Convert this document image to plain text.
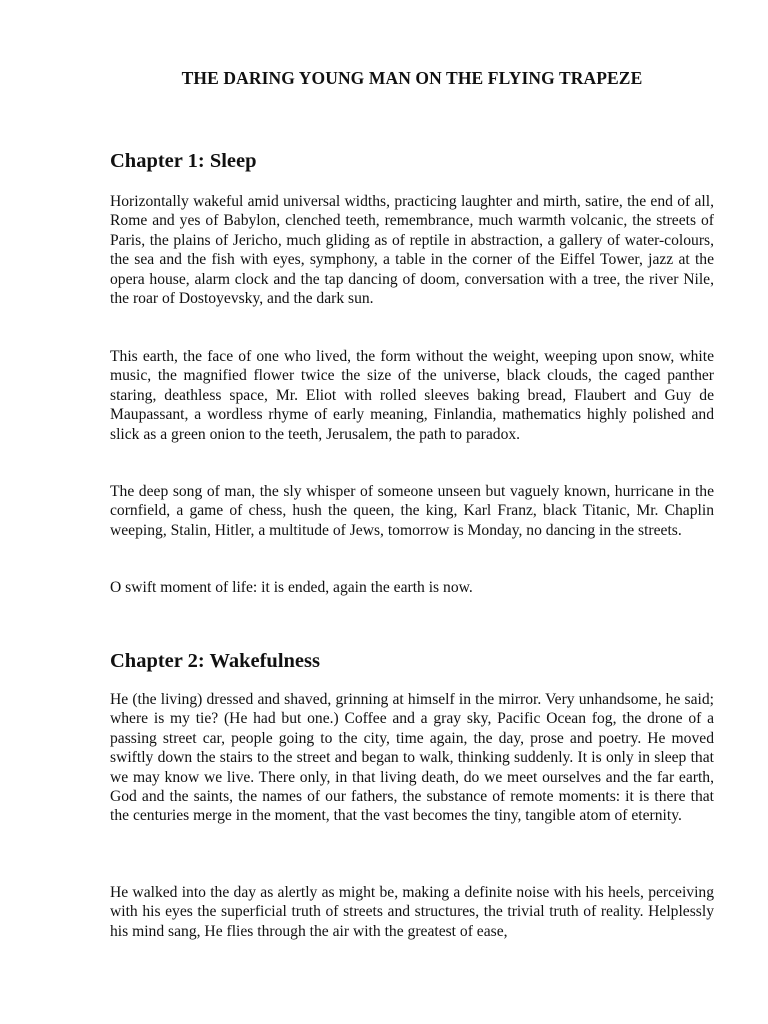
THE DARING YOUNG MAN ON THE FLYING TRAPEZE
Chapter 1: Sleep

Horizontally wakeful amid universal widths, practicing laughter and mirth, satire, the end of all, Rome and yes of Babylon, clenched teeth, remembrance, much warmth volcanic, the streets of Paris, the plains of Jericho, much gliding as of reptile in abstraction, a gallery of water-colours, the sea and the fish with eyes, symphony, a table in the corner of the Eiffel Tower, jazz at the opera house, alarm clock and the tap dancing of doom, conversation with a tree, the river Nile, the roar of Dostoyevsky, and the dark sun.

This earth, the face of one who lived, the form without the weight, weeping upon snow, white music, the magnified flower twice the size of the universe, black clouds, the caged panther staring, deathless space, Mr. Eliot with rolled sleeves baking bread, Flaubert and Guy de Maupassant, a wordless rhyme of early meaning, Finlandia, mathematics highly polished and slick as a green onion to the teeth, Jerusalem, the path to paradox.

The deep song of man, the sly whisper of someone unseen but vaguely known, hurricane in the cornfield, a game of chess, hush the queen, the king, Karl Franz, black Titanic, Mr. Chaplin weeping, Stalin, Hitler, a multitude of Jews, tomorrow is Monday, no dancing in the streets.

O swift moment of life: it is ended, again the earth is now.

Chapter 2: Wakefulness

He (the living) dressed and shaved, grinning at himself in the mirror. Very unhandsome, he said; where is my tie? (He had but one.) Coffee and a gray sky, Pacific Ocean fog, the drone of a passing street car, people going to the city, time again, the day, prose and poetry. He moved swiftly down the stairs to the street and began to walk, thinking suddenly. It is only in sleep that we may know we live. There only, in that living death, do we meet ourselves and the far earth, God and the saints, the names of our fathers, the substance of remote moments: it is there that the centuries merge in the moment, that the vast becomes the tiny, tangible atom of eternity.

He walked into the day as alertly as might be, making a definite noise with his heels, perceiving with his eyes the superficial truth of streets and structures, the trivial truth of reality. Helplessly his mind sang, He flies through the air with the greatest of ease,
